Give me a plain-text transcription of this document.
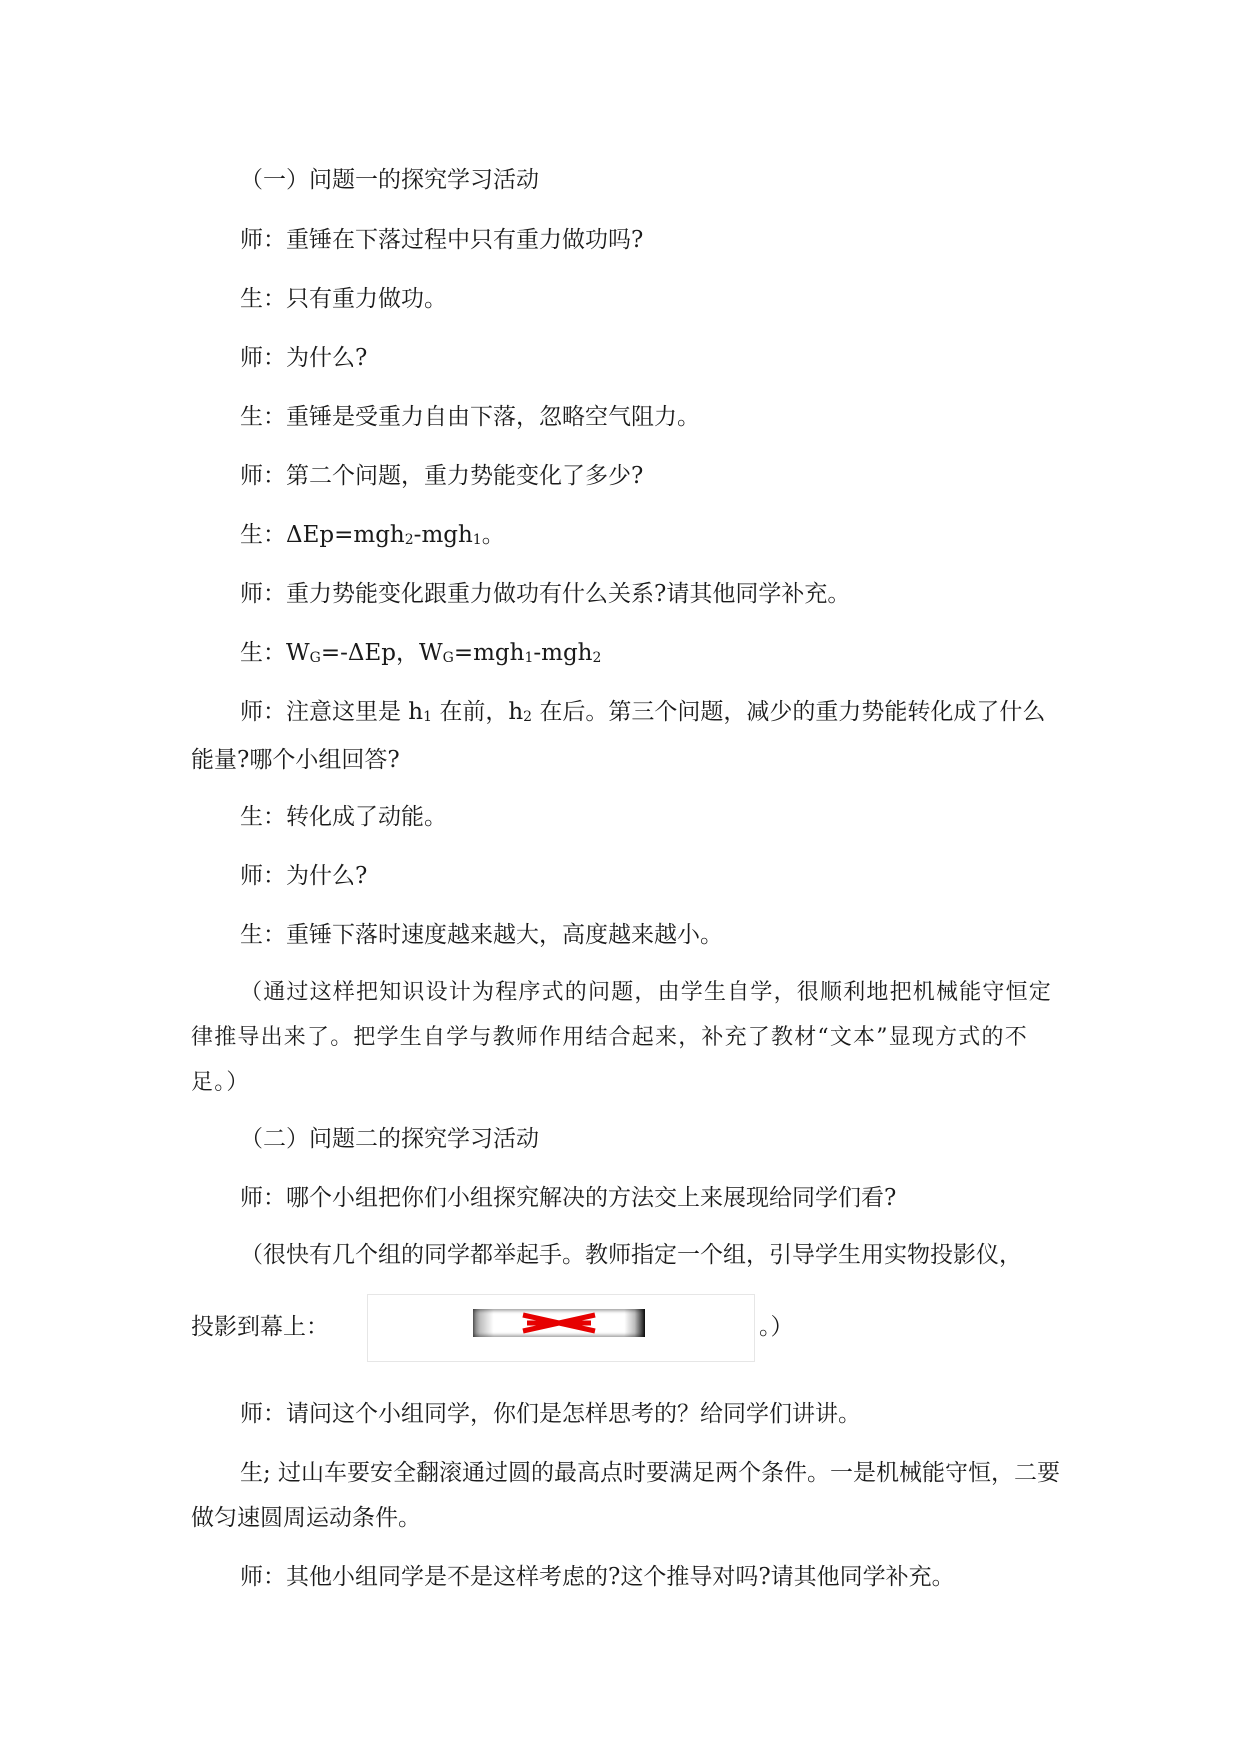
（一）问题一的探究学习活动

师：重锤在下落过程中只有重力做功吗?

生：只有重力做功。

师：为什么?

生：重锤是受重力自由下落，忽略空气阻力。

师：第二个问题，重力势能变化了多少?

生：ΔEp=mgh$_2$-mgh$_1$。

师：重力势能变化跟重力做功有什么关系?请其他同学补充。

生：$W_G=$-ΔEp，$W_G=mgh_1-mgh_2$

师：注意这里是 $h_1$ 在前，$h_2$ 在后。第三个问题，减少的重力势能转化成了什么能量?哪个小组回答?

生：转化成了动能。

师：为什么?

生：重锤下落时速度越来越大，高度越来越小。

（通过这样把知识设计为程序式的问题，由学生自学，很顺利地把机械能守恒定律推导出来了。把学生自学与教师作用结合起来，补充了教材“文本”显现方式的不足。）

（二）问题二的探究学习活动

师：哪个小组把你们小组探究解决的方法交上来展现给同学们看?

（很快有几个组的同学都举起手。教师指定一个组，引导学生用实物投影仪，

投影到幕上：	。）

师：请问这个小组同学，你们是怎样思考的？给同学们讲讲。

生; 过山车要安全翻滚通过圆的最高点时要满足两个条件。一是机械能守恒，二要做匀速圆周运动条件。

师：其他小组同学是不是这样考虑的?这个推导对吗?请其他同学补充。
